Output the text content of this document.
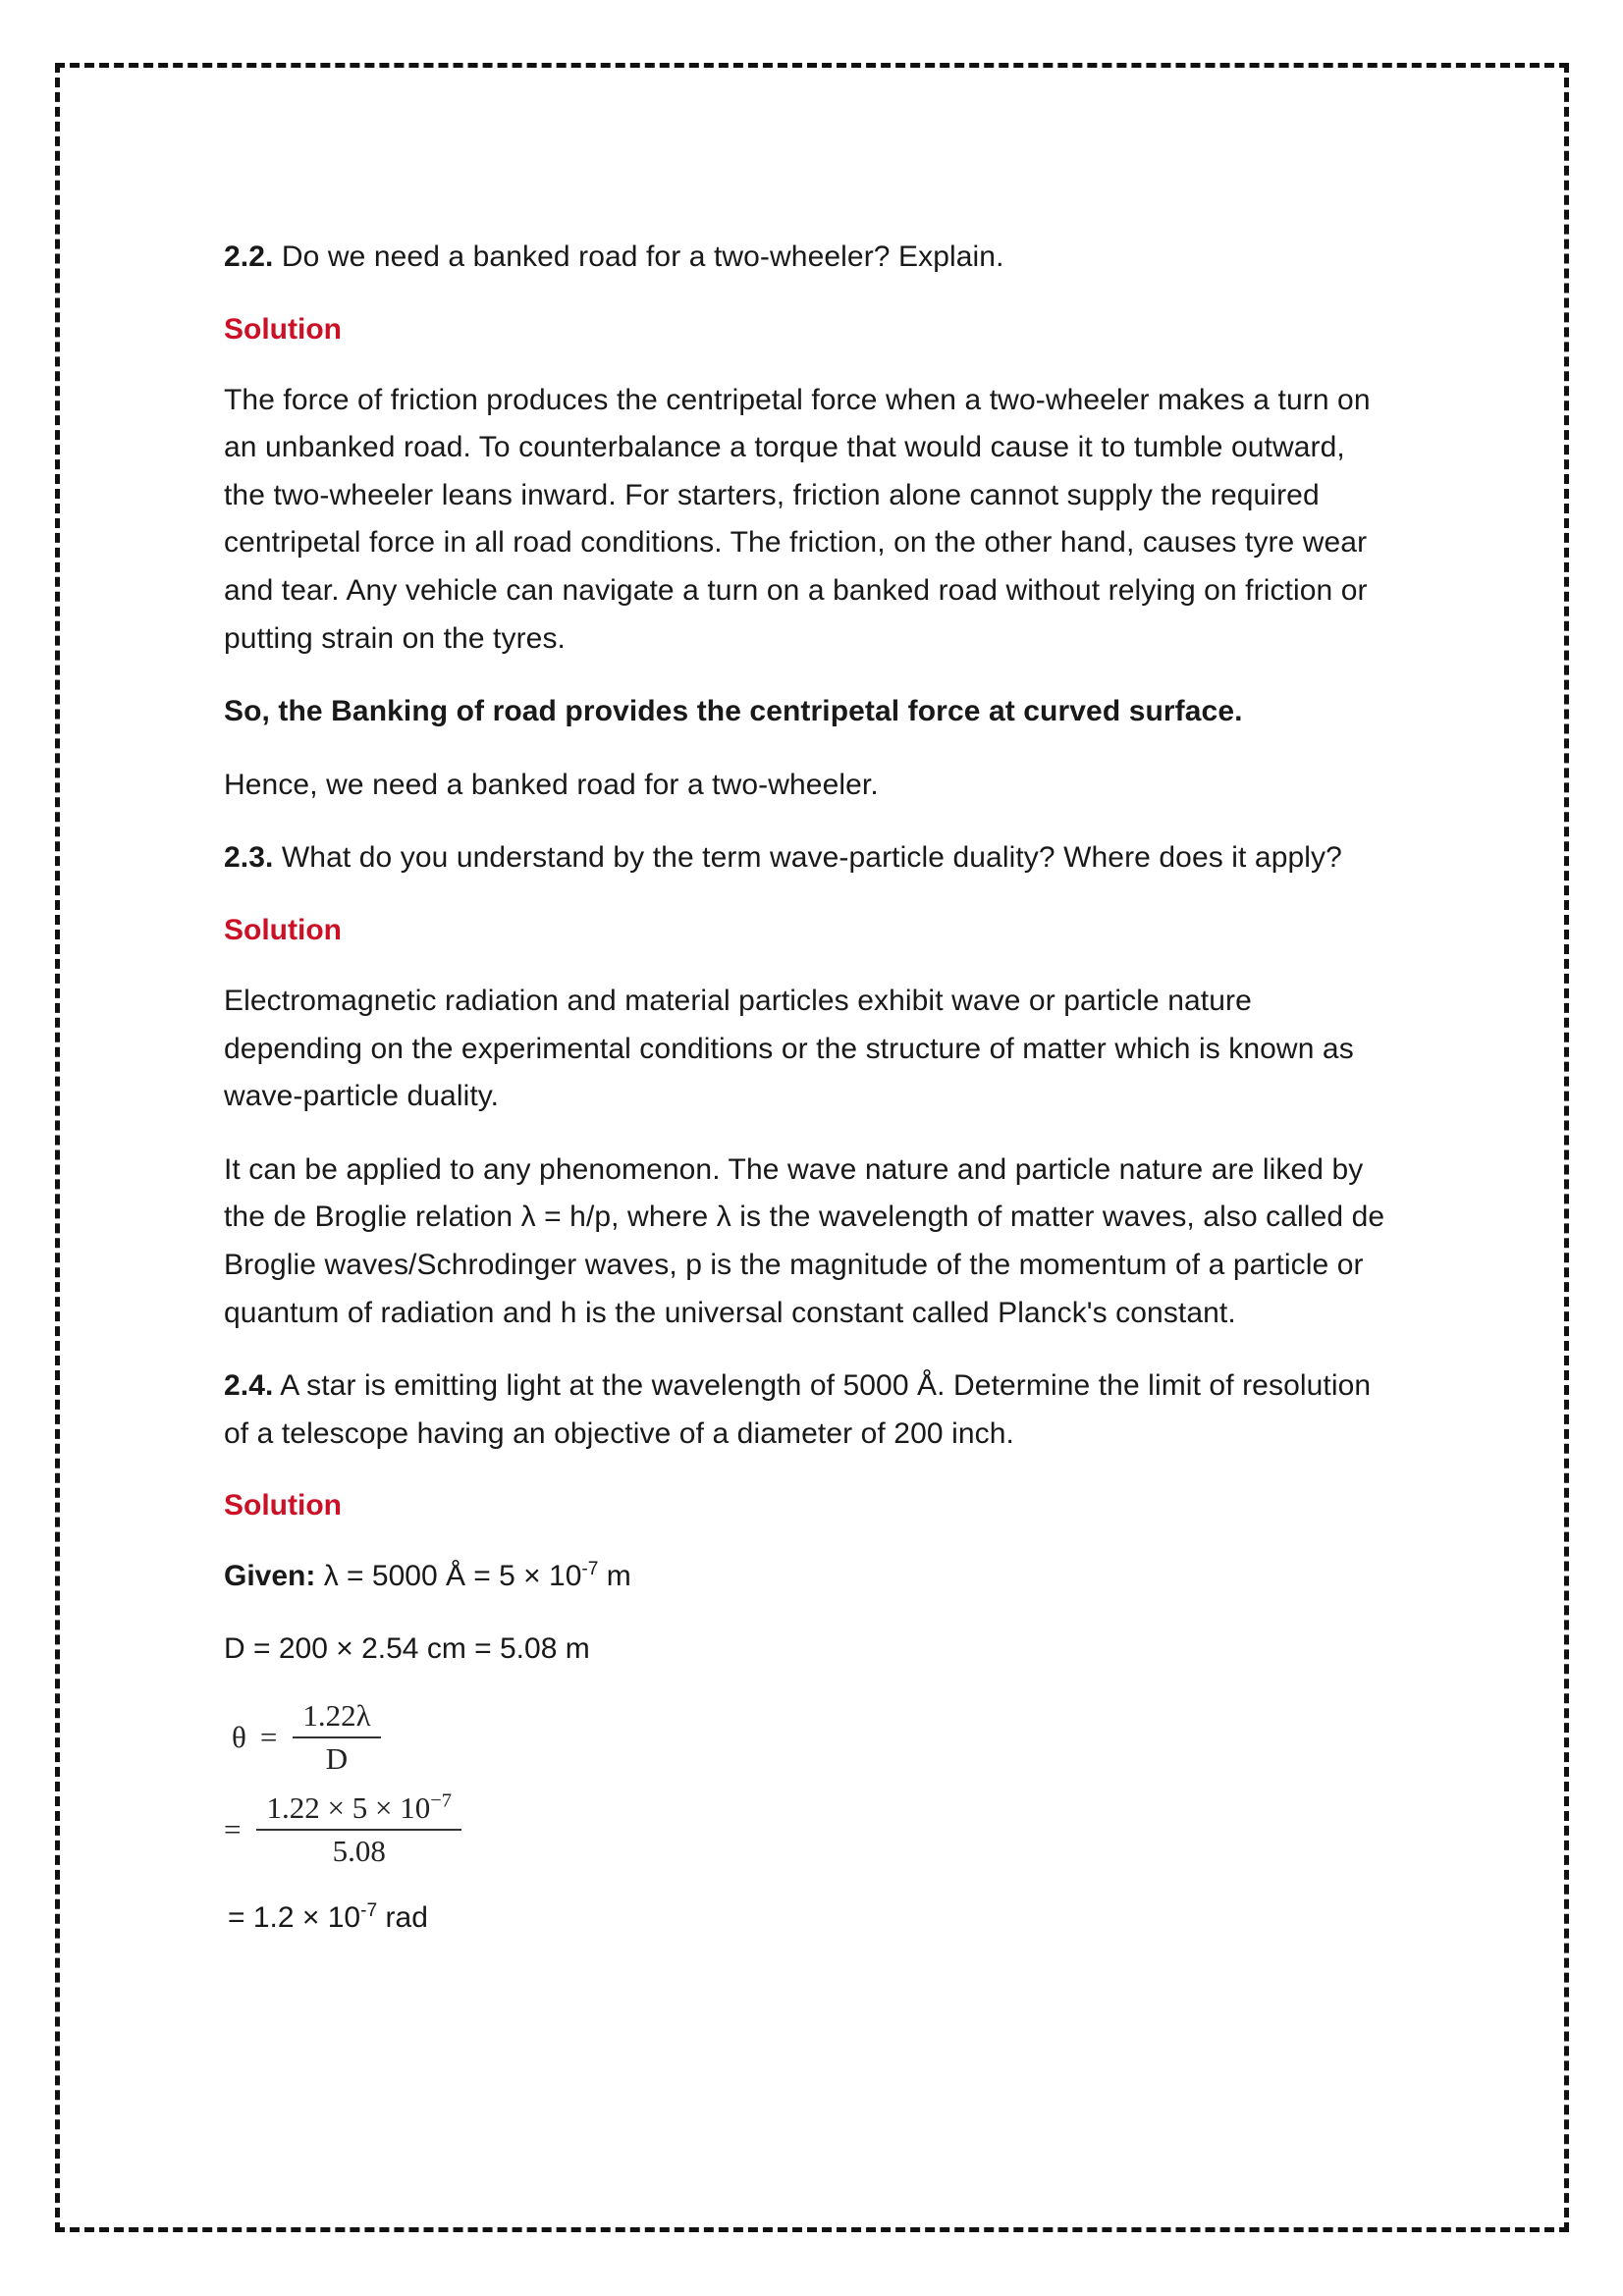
2.2. Do we need a banked road for a two-wheeler? Explain.

Solution

The force of friction produces the centripetal force when a two-wheeler makes a turn on an unbanked road. To counterbalance a torque that would cause it to tumble outward, the two-wheeler leans inward. For starters, friction alone cannot supply the required centripetal force in all road conditions. The friction, on the other hand, causes tyre wear and tear. Any vehicle can navigate a turn on a banked road without relying on friction or putting strain on the tyres.

So, the Banking of road provides the centripetal force at curved surface.

Hence, we need a banked road for a two-wheeler.

2.3. What do you understand by the term wave-particle duality? Where does it apply?

Solution

Electromagnetic radiation and material particles exhibit wave or particle nature depending on the experimental conditions or the structure of matter which is known as wave-particle duality.

It can be applied to any phenomenon. The wave nature and particle nature are liked by the de Broglie relation λ = h/p, where λ is the wavelength of matter waves, also called de Broglie waves/Schrodinger waves, p is the magnitude of the momentum of a particle or quantum of radiation and h is the universal constant called Planck's constant.

2.4. A star is emitting light at the wavelength of 5000 Å. Determine the limit of resolution of a telescope having an objective of a diameter of 200 inch.

Solution

Given: λ = 5000 Å = $5 \times 10^{-7}$ m

D = 200 × 2.54 cm = 5.08 m

$\theta = \frac{1.22\lambda}{D}$
= $\frac{1.22 \times 5 \times 10^{-7}}{5.08}$

= $1.2 \times 10^{-7}$ rad
